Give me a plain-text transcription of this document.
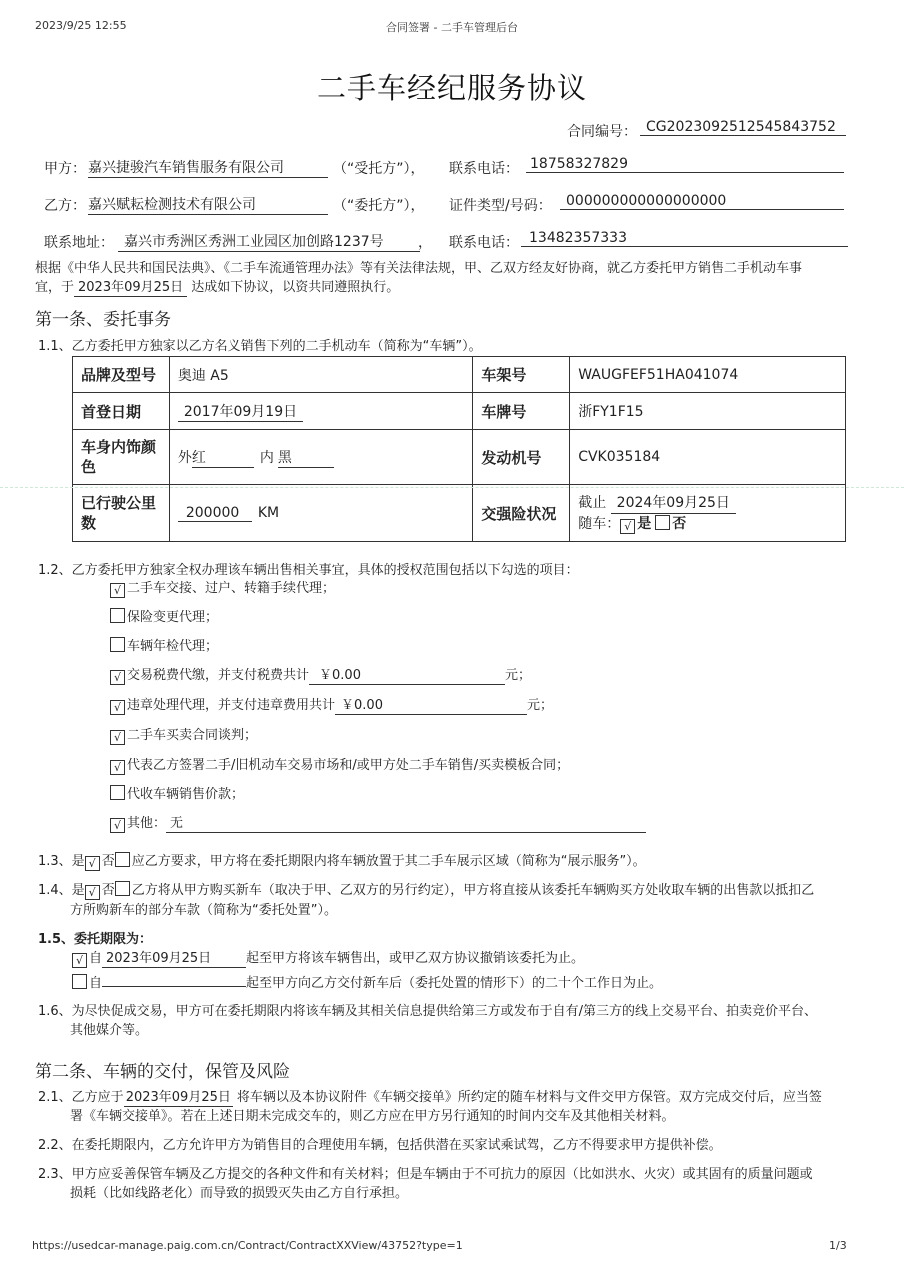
2023/9/25 12:55	合同签署 - 二手车管理后台
二手车经纪服务协议
合同编号： CG2023092512545843752
甲方： 嘉兴捷骏汽车销售服务有限公司	（“受托方”）， 联系电话： 18758327829
乙方： 嘉兴赋耘检测技术有限公司	（“委托方”）， 证件类型/号码：	000000000000000000
联系地址： 嘉兴市秀洲区秀洲工业园区加创路1237号	， 联系电话： 13482357333
根据《中华人民共和国民法典》、《二手车流通管理办法》等有关法律法规，甲、乙双方经友好协商，就乙方委托甲方销售二手机动车事
宜，于 2023年09月25日 达成如下协议，以资共同遵照执行。
第一条、委托事务
1.1、乙方委托甲方独家以乙方名义销售下列的二手机动车（简称为“车辆”）。
品牌及型号	奥迪 A5	车架号	WAUGFEF51HA041074
首登日期	2017年09月19日	车牌号	浙FY1F15
车身内饰颜色	外红 内 黑	发动机号	CVK035184
已行驶公里数	200000 KM	交强险状况	截止 2024年09月25日
随车： √ 是 否
1.2、乙方委托甲方独家全权办理该车辆出售相关事宜，具体的授权范围包括以下勾选的项目：
√ 二手车交接、过户、转籍手续代理；
保险变更代理；
车辆年检代理；
√ 交易税费代缴，并支付税费共计 ￥0.00	元；
√ 违章处理代理，并支付违章费用共计 ￥0.00	元；
√ 二手车买卖合同谈判；
√ 代表乙方签署二手/旧机动车交易市场和/或甲方处二手车销售/买卖模板合同；
代收车辆销售价款；
√ 其他： 无
1.3、是 √ 否 应乙方要求，甲方将在委托期限内将车辆放置于其二手车展示区域（简称为“展示服务”）。
1.4、是 √ 否 乙方将从甲方购买新车（取决于甲、乙双方的另行约定），甲方将直接从该委托车辆购买方处收取车辆的出售款以抵扣乙
方所购新车的部分车款（简称为“委托处置”）。
1.5、委托期限为：
√ 自 2023年09月25日	起至甲方将该车辆售出，或甲乙双方协议撤销该委托为止。
自	起至甲方向乙方交付新车后（委托处置的情形下）的二十个工作日为止。
1.6、为尽快促成交易，甲方可在委托期限内将该车辆及其相关信息提供给第三方或发布于自有/第三方的线上交易平台、拍卖竞价平台、
其他媒介等。
第二条、车辆的交付，保管及风险
2.1、乙方应于 2023年09月25日 将车辆以及本协议附件《车辆交接单》所约定的随车材料与文件交甲方保管。双方完成交付后，应当签
署《车辆交接单》。若在上述日期未完成交车的，则乙方应在甲方另行通知的时间内交车及其他相关材料。
2.2、在委托期限内，乙方允许甲方为销售目的合理使用车辆，包括供潜在买家试乘试驾，乙方不得要求甲方提供补偿。
2.3、甲方应妥善保管车辆及乙方提交的各种文件和有关材料；但是车辆由于不可抗力的原因（比如洪水、火灾）或其固有的质量问题或
损耗（比如线路老化）而导致的损毁灭失由乙方自行承担。
https://usedcar-manage.paig.com.cn/Contract/ContractXXView/43752?type=1	1/3
